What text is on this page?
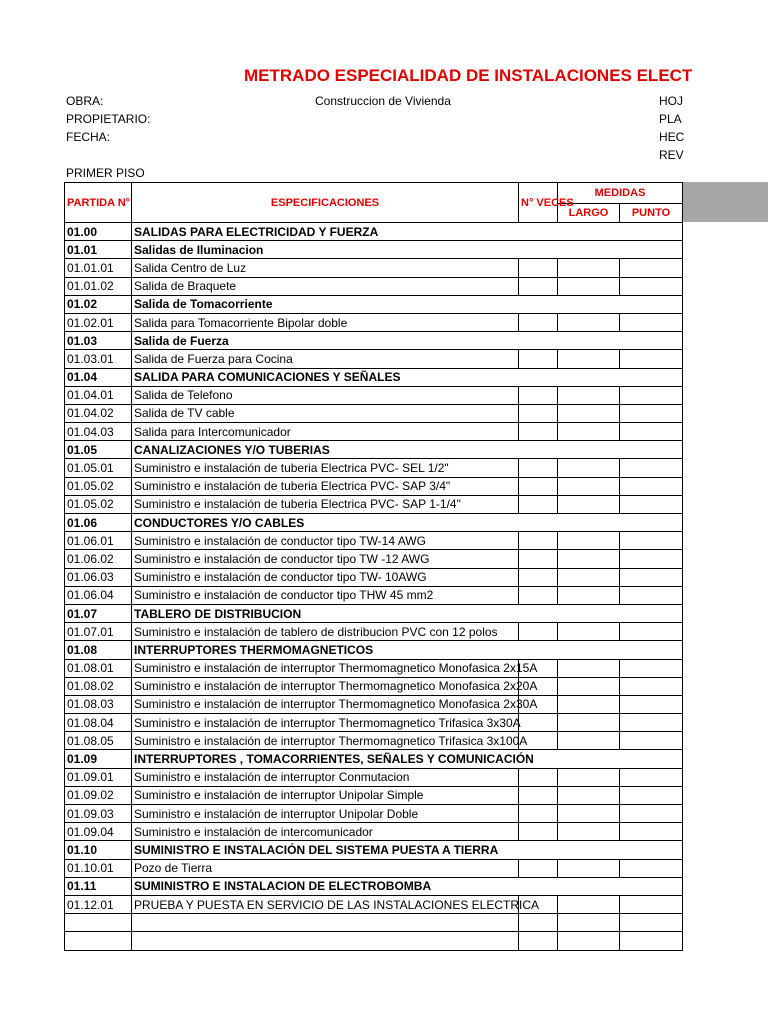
METRADO ESPECIALIDAD DE INSTALACIONES ELECT
OBRA:	Construccion de Vivienda
PROPIETARIO:
FECHA:
HOJ
PLA
HEC
REV
PRIMER PISO
PARTIDA N°	ESPECIFICACIONES	N° VECES	MEDIDAS	
			LARGO	PUNTO
01.00	SALIDAS PARA ELECTRICIDAD Y FUERZA			
01.01	Salidas de Iluminacion			
01.01.01	Salida Centro de Luz			
01.01.02	Salida de Braquete			
01.02	Salida de Tomacorriente			
01.02.01	Salida para Tomacorriente Bipolar doble			
01.03	Salida de Fuerza			
01.03.01	Salida de Fuerza para Cocina			
01.04	SALIDA PARA COMUNICACIONES Y SEÑALES			
01.04.01	Salida de Telefono			
01.04.02	Salida de TV cable			
01.04.03	Salida para Intercomunicador			
01.05	CANALIZACIONES Y/O TUBERIAS			
01.05.01	Suministro e instalación de tuberia Electrica PVC- SEL 1/2"			
01.05.02	Suministro e instalación de tuberia Electrica PVC- SAP 3/4"			
01.05.02	Suministro e instalación de tuberia Electrica PVC- SAP 1-1/4"			
01.06	CONDUCTORES Y/O CABLES			
01.06.01	Suministro e instalación de conductor tipo TW-14 AWG			
01.06.02	Suministro e instalación de conductor tipo TW -12 AWG			
01.06.03	Suministro e instalación de conductor tipo TW- 10AWG			
01.06.04	Suministro e instalación de conductor tipo THW 45 mm2			
01.07	TABLERO DE DISTRIBUCION			
01.07.01	Suministro e instalación de tablero de distribucion PVC con 12 polos			
01.08	INTERRUPTORES THERMOMAGNETICOS			
01.08.01	Suministro e instalación de interruptor Thermomagnetico Monofasica 2x15A			
01.08.02	Suministro e instalación de interruptor Thermomagnetico Monofasica 2x20A			
01.08.03	Suministro e instalación de interruptor Thermomagnetico Monofasica 2x30A			
01.08.04	Suministro e instalación de interruptor Thermomagnetico Trifasica 3x30A			
01.08.05	Suministro e instalación de interruptor Thermomagnetico Trifasica 3x100A			
01.09	INTERRUPTORES , TOMACORRIENTES, SEÑALES Y COMUNICACIÓN			
01.09.01	Suministro e instalación de interruptor Conmutacion			
01.09.02	Suministro e instalación de interruptor Unipolar Simple			
01.09.03	Suministro e instalación de interruptor Unipolar Doble			
01.09.04	Suministro e instalación de intercomunicador			
01.10	SUMINISTRO E INSTALACIÓN DEL SISTEMA PUESTA A TIERRA			
01.10.01	Pozo de Tierra			
01.11	SUMINISTRO E INSTALACION DE ELECTROBOMBA			
01.12.01	PRUEBA Y PUESTA EN SERVICIO DE LAS INSTALACIONES ELECTRICA			
